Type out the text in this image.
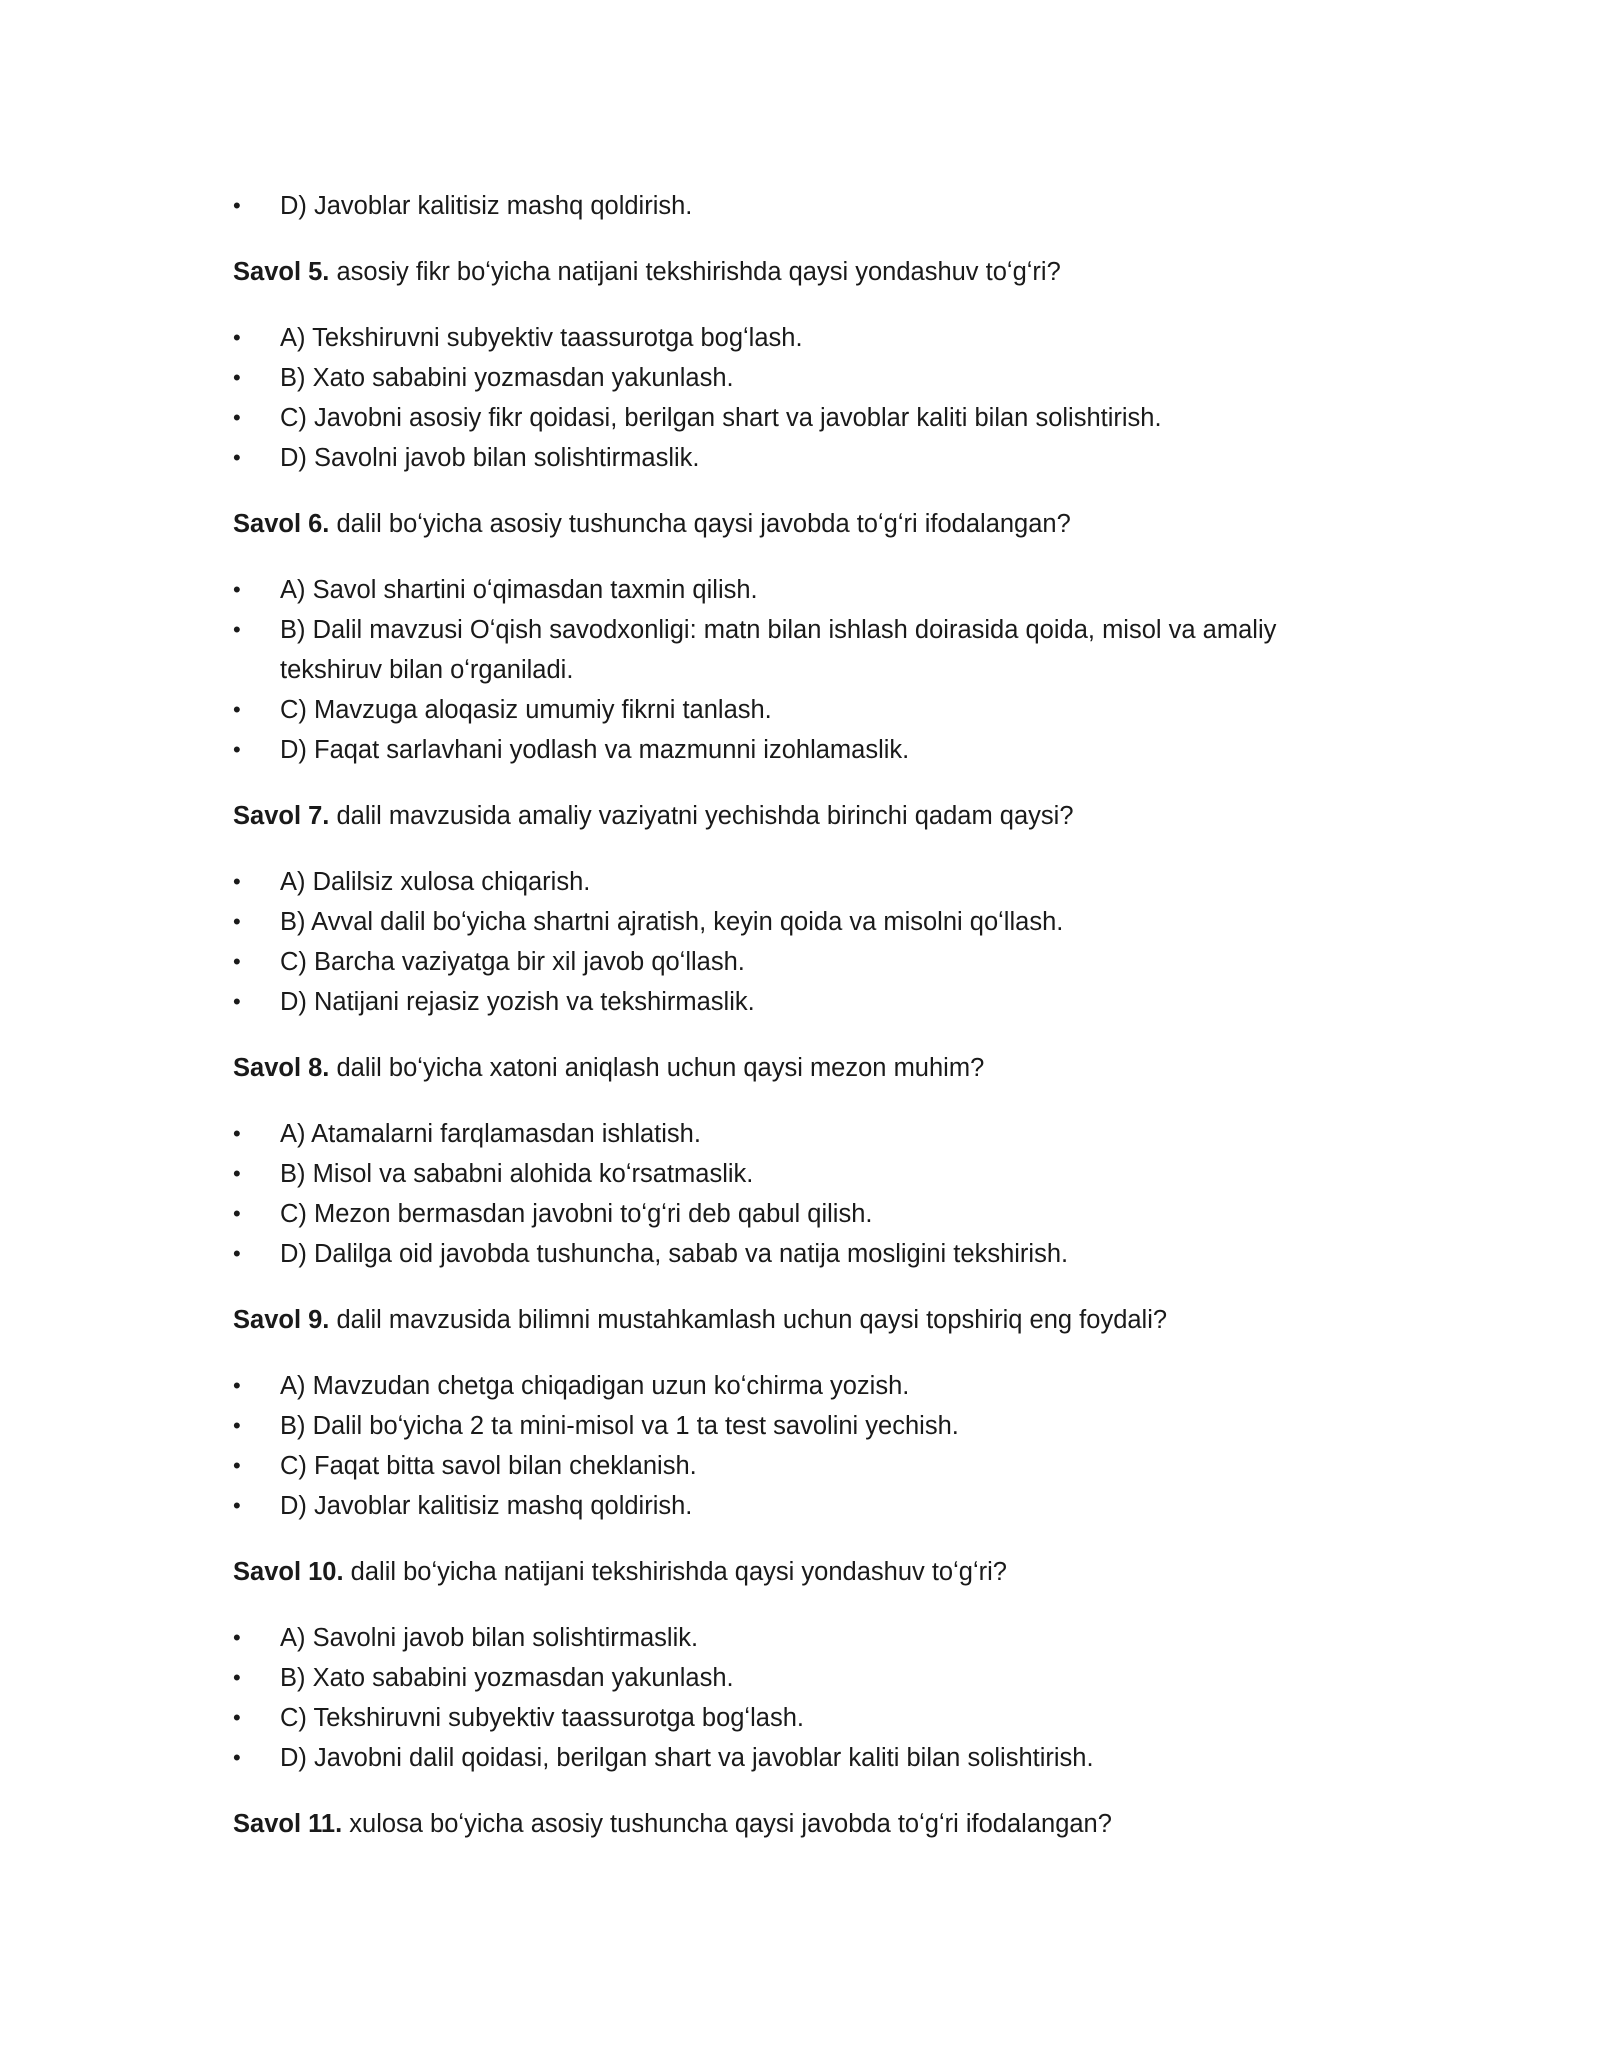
•	D) Javoblar kalitisiz mashq qoldirish.

Savol 5. asosiy fikr boʻyicha natijani tekshirishda qaysi yondashuv toʻgʻri?

•	A) Tekshiruvni subyektiv taassurotga bogʻlash.
•	B) Xato sababini yozmasdan yakunlash.
•	C) Javobni asosiy fikr qoidasi, berilgan shart va javoblar kaliti bilan solishtirish.
•	D) Savolni javob bilan solishtirmaslik.

Savol 6. dalil boʻyicha asosiy tushuncha qaysi javobda toʻgʻri ifodalangan?

•	A) Savol shartini oʻqimasdan taxmin qilish.
•	B) Dalil mavzusi Oʻqish savodxonligi: matn bilan ishlash doirasida qoida, misol va amaliy tekshiruv bilan oʻrganiladi.
•	C) Mavzuga aloqasiz umumiy fikrni tanlash.
•	D) Faqat sarlavhani yodlash va mazmunni izohlamaslik.

Savol 7. dalil mavzusida amaliy vaziyatni yechishda birinchi qadam qaysi?

•	A) Dalilsiz xulosa chiqarish.
•	B) Avval dalil boʻyicha shartni ajratish, keyin qoida va misolni qoʻllash.
•	C) Barcha vaziyatga bir xil javob qoʻllash.
•	D) Natijani rejasiz yozish va tekshirmaslik.

Savol 8. dalil boʻyicha xatoni aniqlash uchun qaysi mezon muhim?

•	A) Atamalarni farqlamasdan ishlatish.
•	B) Misol va sababni alohida koʻrsatmaslik.
•	C) Mezon bermasdan javobni toʻgʻri deb qabul qilish.
•	D) Dalilga oid javobda tushuncha, sabab va natija mosligini tekshirish.

Savol 9. dalil mavzusida bilimni mustahkamlash uchun qaysi topshiriq eng foydali?

•	A) Mavzudan chetga chiqadigan uzun koʻchirma yozish.
•	B) Dalil boʻyicha 2 ta mini-misol va 1 ta test savolini yechish.
•	C) Faqat bitta savol bilan cheklanish.
•	D) Javoblar kalitisiz mashq qoldirish.

Savol 10. dalil boʻyicha natijani tekshirishda qaysi yondashuv toʻgʻri?

•	A) Savolni javob bilan solishtirmaslik.
•	B) Xato sababini yozmasdan yakunlash.
•	C) Tekshiruvni subyektiv taassurotga bogʻlash.
•	D) Javobni dalil qoidasi, berilgan shart va javoblar kaliti bilan solishtirish.

Savol 11. xulosa boʻyicha asosiy tushuncha qaysi javobda toʻgʻri ifodalangan?
